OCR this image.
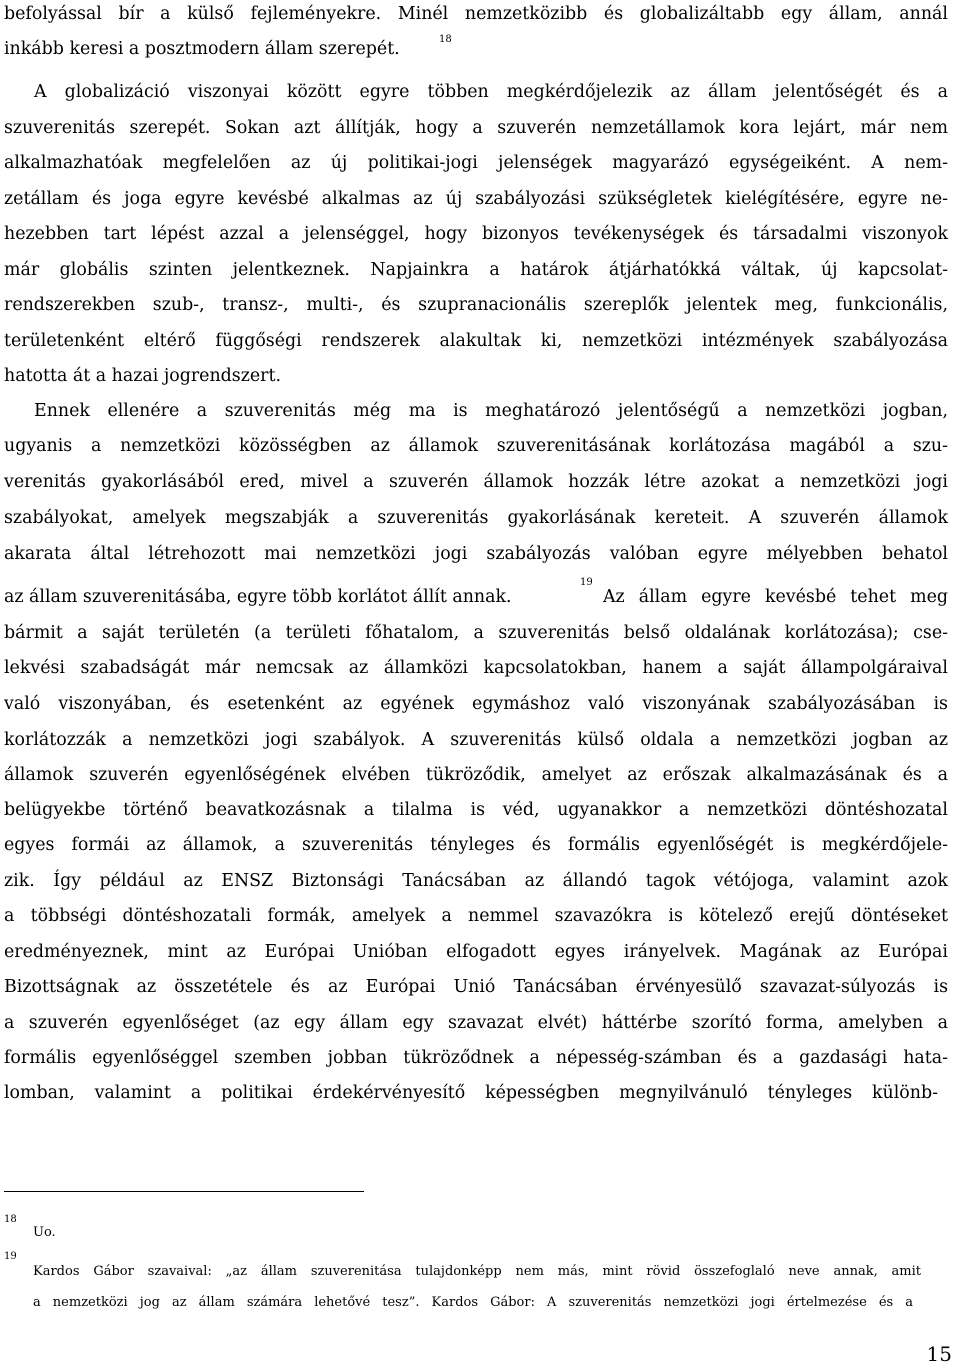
befolyással bír a külső fejleményekre. Minél nemzetközibb és globalizáltabb egy állam, annál
inkább keresi a posztmodern állam szerepét.	18
A globalizáció viszonyai között egyre többen megkérdőjelezik az állam jelentőségét és a
szuverenitás szerepét. Sokan azt állítják, hogy a szuverén nemzetállamok kora lejárt, már nem
alkalmazhatóak megfelelően az új politikai-jogi jelenségek magyarázó egységeiként. A nem-
zetállam és joga egyre kevésbé alkalmas az új szabályozási szükségletek kielégítésére, egyre ne-
hezebben tart lépést azzal a jelenséggel, hogy bizonyos tevékenységek és társadalmi viszonyok
már globális szinten jelentkeznek. Napjainkra a határok átjárhatókká váltak, új kapcsolat-
rendszerekben szub-, transz-, multi-, és szupranacionális szereplők jelentek meg, funkcionális,
területenként eltérő függőségi rendszerek alakultak ki, nemzetközi intézmények szabályozása
hatotta át a hazai jogrendszert.
Ennek ellenére a szuverenitás még ma is meghatározó jelentőségű a nemzetközi jogban,
ugyanis a nemzetközi közösségben az államok szuverenitásának korlátozása magából a szu-
verenitás gyakorlásából ered, mivel a szuverén államok hozzák létre azokat a nemzetközi jogi
szabályokat, amelyek megszabják a szuverenitás gyakorlásának kereteit. A szuverén államok
akarata által létrehozott mai nemzetközi jogi szabályozás valóban egyre mélyebben behatol
az állam szuverenitásába, egyre több korlátot állít annak.
19
Az állam egyre kevésbé tehet meg
bármit a saját területén (a területi főhatalom, a szuverenitás belső oldalának korlátozása); cse-
lekvési szabadságát már nemcsak az államközi kapcsolatokban, hanem a saját állampolgáraival
való viszonyában, és esetenként az egyének egymáshoz való viszonyának szabályozásában is
korlátozzák a nemzetközi jogi szabályok. A szuverenitás külső oldala a nemzetközi jogban az
államok szuverén egyenlőségének elvében tükröződik, amelyet az erőszak alkalmazásának és a
belügyekbe történő beavatkozásnak a tilalma is véd, ugyanakkor a nemzetközi döntéshozatal
egyes formái az államok, a szuverenitás tényleges és formális egyenlőségét is megkérdőjele-
zik. Így például az ENSZ Biztonsági Tanácsában az állandó tagok vétójoga, valamint azok
a többségi döntéshozatali formák, amelyek a nemmel szavazókra is kötelező erejű döntéseket
eredményeznek, mint az Európai Unióban elfogadott egyes irányelvek. Magának az Európai
Bizottságnak az összetétele és az Európai Unió Tanácsában érvényesülő szavazat-súlyozás is
a szuverén egyenlőséget (az egy állam egy szavazat elvét) háttérbe szorító forma, amelyben a
formális egyenlőséggel szemben jobban tükröződnek a népesség-számban és a gazdasági hata-
lomban, valamint a politikai érdekérvényesítő képességben megnyilvánuló tényleges különb-
18
Uo.
19
Kardos Gábor szavaival: „az állam szuverenitása tulajdonképp nem más, mint rövid összefoglaló neve annak, amit
a nemzetközi jog az állam számára lehetővé tesz”. Kardos Gábor: A szuverenitás nemzetközi jogi értelmezése és a
15
